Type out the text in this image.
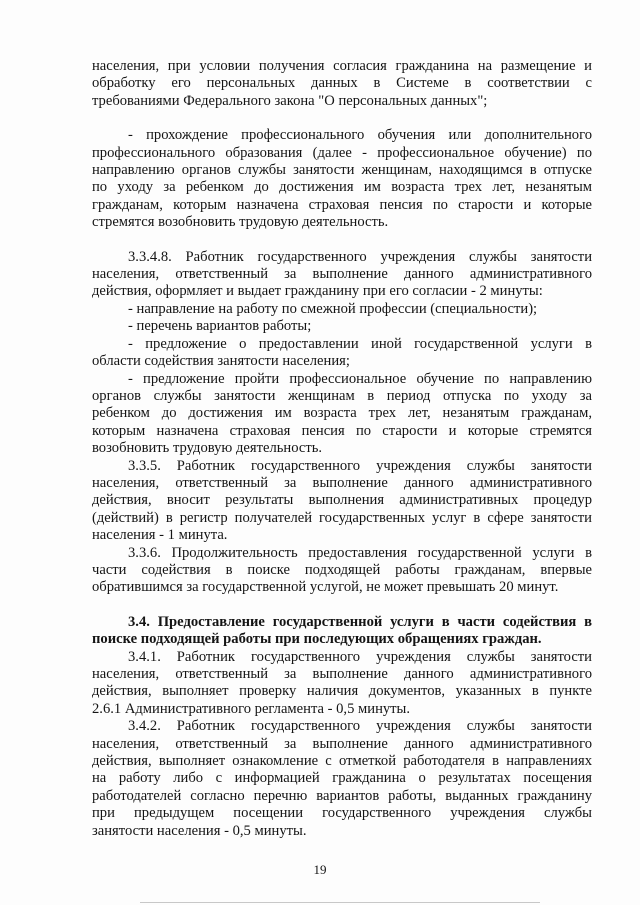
населения, при условии получения согласия гражданина на размещение и

обработку его персональных данных в Системе в соответствии с

требованиями Федерального закона "О персональных данных";

- прохождение профессионального обучения или дополнительного

профессионального образования (далее - профессиональное обучение) по

направлению органов службы занятости женщинам, находящимся в отпуске

по уходу за ребенком до достижения им возраста трех лет, незанятым

гражданам, которым назначена страховая пенсия по старости и которые

стремятся возобновить трудовую деятельность.

3.3.4.8. Работник государственного учреждения службы занятости

населения, ответственный за выполнение данного административного

действия, оформляет и выдает гражданину при его согласии - 2 минуты:

- направление на работу по смежной профессии (специальности);

- перечень вариантов работы;

- предложение о предоставлении иной государственной услуги в

области содействия занятости населения;

- предложение пройти профессиональное обучение по направлению

органов службы занятости женщинам в период отпуска по уходу за

ребенком до достижения им возраста трех лет, незанятым гражданам,

которым назначена страховая пенсия по старости и которые стремятся

возобновить трудовую деятельность.

3.3.5. Работник государственного учреждения службы занятости

населения, ответственный за выполнение данного административного

действия, вносит результаты выполнения административных процедур

(действий) в регистр получателей государственных услуг в сфере занятости

населения - 1 минута.

3.3.6. Продолжительность предоставления государственной услуги в

части содействия в поиске подходящей работы гражданам, впервые

обратившимся за государственной услугой, не может превышать 20 минут.

3.4. Предоставление государственной услуги в части содействия в

поиске подходящей работы при последующих обращениях граждан.

3.4.1. Работник государственного учреждения службы занятости

населения, ответственный за выполнение данного административного

действия, выполняет проверку наличия документов, указанных в пункте

2.6.1 Административного регламента - 0,5 минуты.

3.4.2. Работник государственного учреждения службы занятости

населения, ответственный за выполнение данного административного

действия, выполняет ознакомление с отметкой работодателя в направлениях

на работу либо с информацией гражданина о результатах посещения

работодателей согласно перечню вариантов работы, выданных гражданину

при предыдущем посещении государственного учреждения службы

занятости населения - 0,5 минуты.

19
